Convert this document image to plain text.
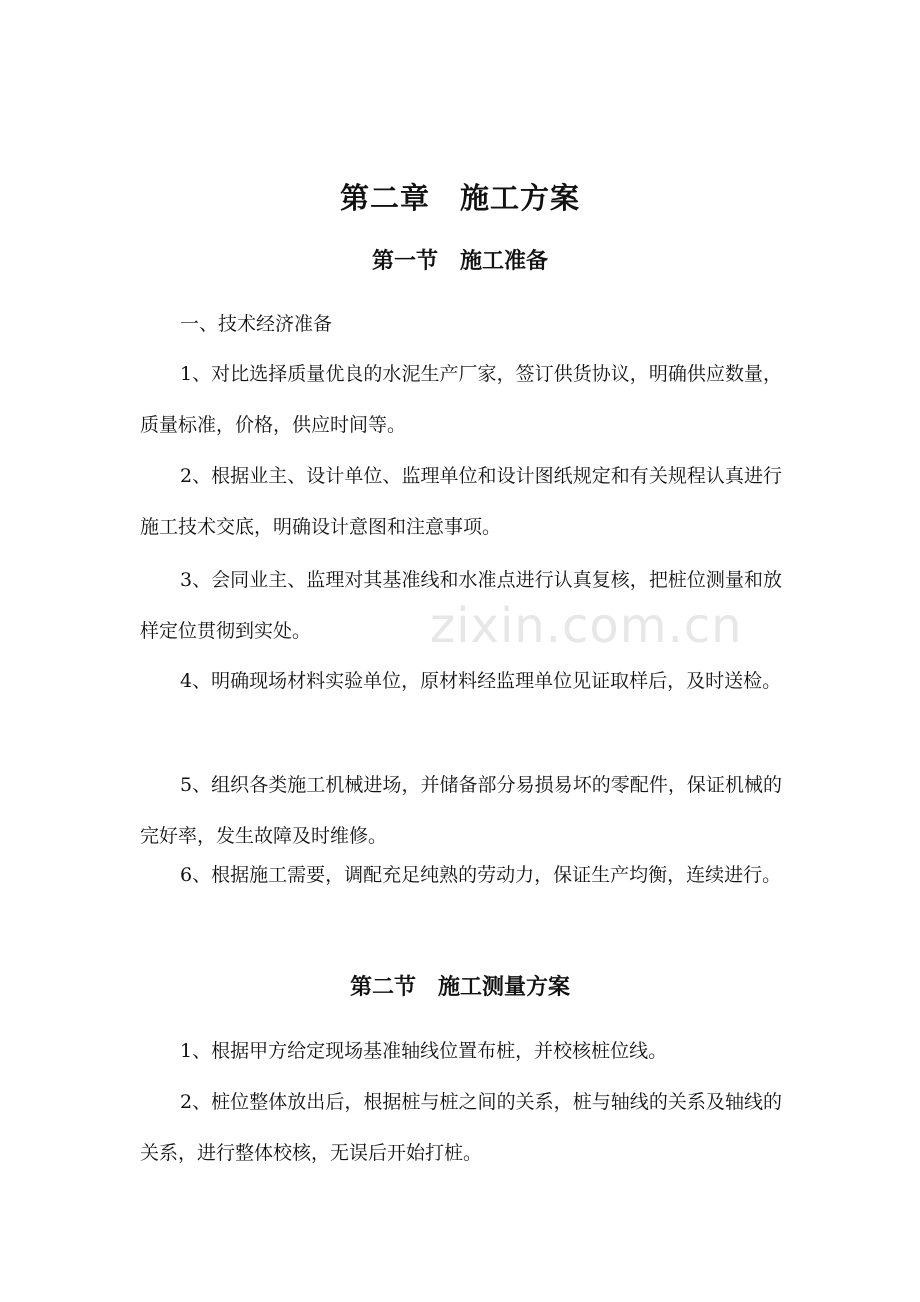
第二章　施工方案
第一节　施工准备

一、技术经济准备

1、对比选择质量优良的水泥生产厂家，签订供货协议，明确供应数量，质量标准，价格，供应时间等。

2、根据业主、设计单位、监理单位和设计图纸规定和有关规程认真进行施工技术交底，明确设计意图和注意事项。

3、会同业主、监理对其基准线和水准点进行认真复核，把桩位测量和放样定位贯彻到实处。

4、明确现场材料实验单位，原材料经监理单位见证取样后，及时送检。

5、组织各类施工机械进场，并储备部分易损易坏的零配件，保证机械的完好率，发生故障及时维修。

6、根据施工需要，调配充足纯熟的劳动力，保证生产均衡，连续进行。

第二节　施工测量方案

1、根据甲方给定现场基准轴线位置布桩，并校核桩位线。

2、桩位整体放出后，根据桩与桩之间的关系，桩与轴线的关系及轴线的关系，进行整体校核，无误后开始打桩。

zixin.com.cn
